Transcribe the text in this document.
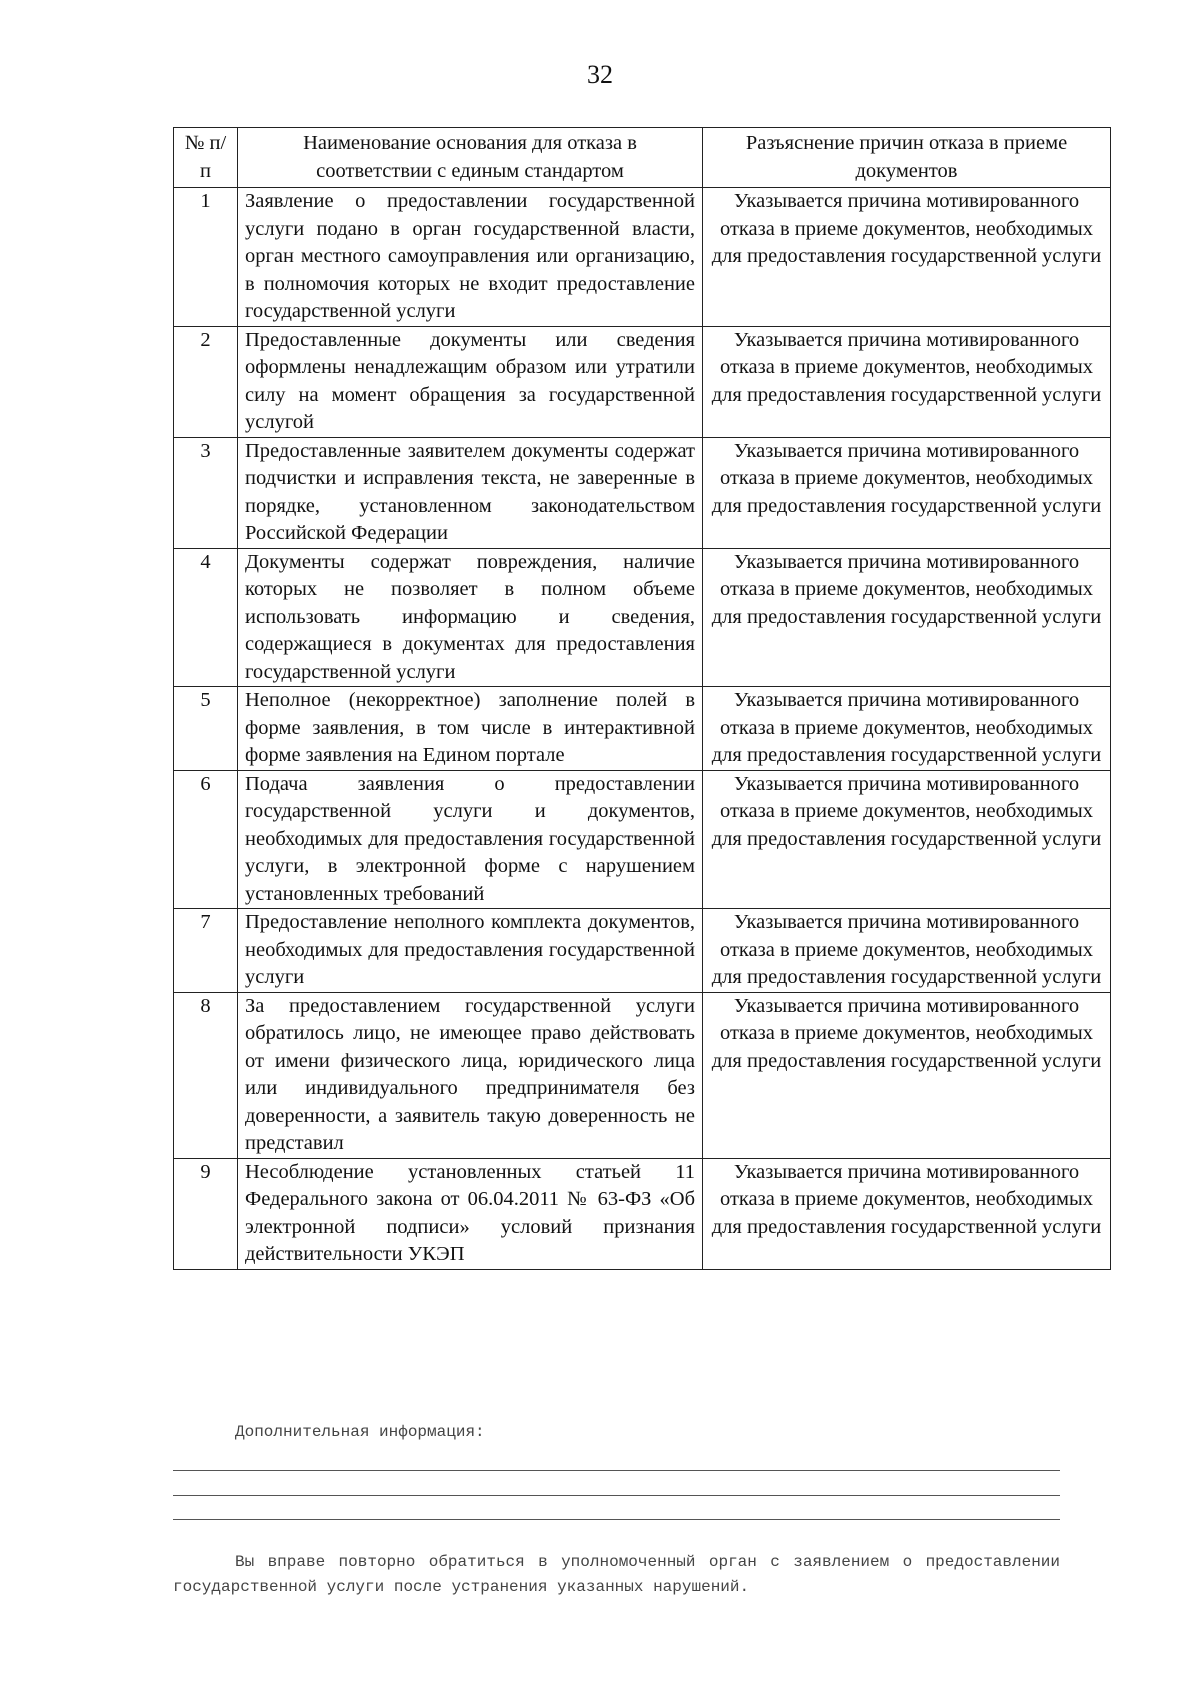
32
№ п/п	Наименование основания для отказа в соответствии с единым стандартом	Разъяснение причин отказа в приеме документов
1	Заявление о предоставлении государственной услуги подано в орган государственной власти, орган местного самоуправления или организацию, в полномочия которых не входит предоставление государственной услуги	Указывается причина мотивированного отказа в приеме документов, необходимых для предоставления государственной услуги
2	Предоставленные документы или сведения оформлены ненадлежащим образом или утратили силу на момент обращения за государственной услугой	Указывается причина мотивированного отказа в приеме документов, необходимых для предоставления государственной услуги
3	Предоставленные заявителем документы содержат подчистки и исправления текста, не заверенные в порядке, установленном законодательством Российской Федерации	Указывается причина мотивированного отказа в приеме документов, необходимых для предоставления государственной услуги
4	Документы содержат повреждения, наличие которых не позволяет в полном объеме использовать информацию и сведения, содержащиеся в документах для предоставления государственной услуги	Указывается причина мотивированного отказа в приеме документов, необходимых для предоставления государственной услуги
5	Неполное (некорректное) заполнение полей в форме заявления, в том числе в интерактивной форме заявления на Едином портале	Указывается причина мотивированного отказа в приеме документов, необходимых для предоставления государственной услуги
6	Подача заявления о предоставлении государственной услуги и документов, необходимых для предоставления государственной услуги, в электронной форме с нарушением установленных требований	Указывается причина мотивированного отказа в приеме документов, необходимых для предоставления государственной услуги
7	Предоставление неполного комплекта документов, необходимых для предоставления государственной услуги	Указывается причина мотивированного отказа в приеме документов, необходимых для предоставления государственной услуги
8	За предоставлением государственной услуги обратилось лицо, не имеющее право действовать от имени физического лица, юридического лица или индивидуального предпринимателя без доверенности, а заявитель такую доверенность не представил	Указывается причина мотивированного отказа в приеме документов, необходимых для предоставления государственной услуги
9	Несоблюдение установленных статьей 11 Федерального закона от 06.04.2011 № 63-ФЗ «Об электронной подписи» условий признания действительности УКЭП	Указывается причина мотивированного отказа в приеме документов, необходимых для предоставления государственной услуги
Дополнительная информация:

Вы вправе повторно обратиться в уполномоченный орган с заявлением о предоставлении государственной услуги после устранения указанных нарушений.
